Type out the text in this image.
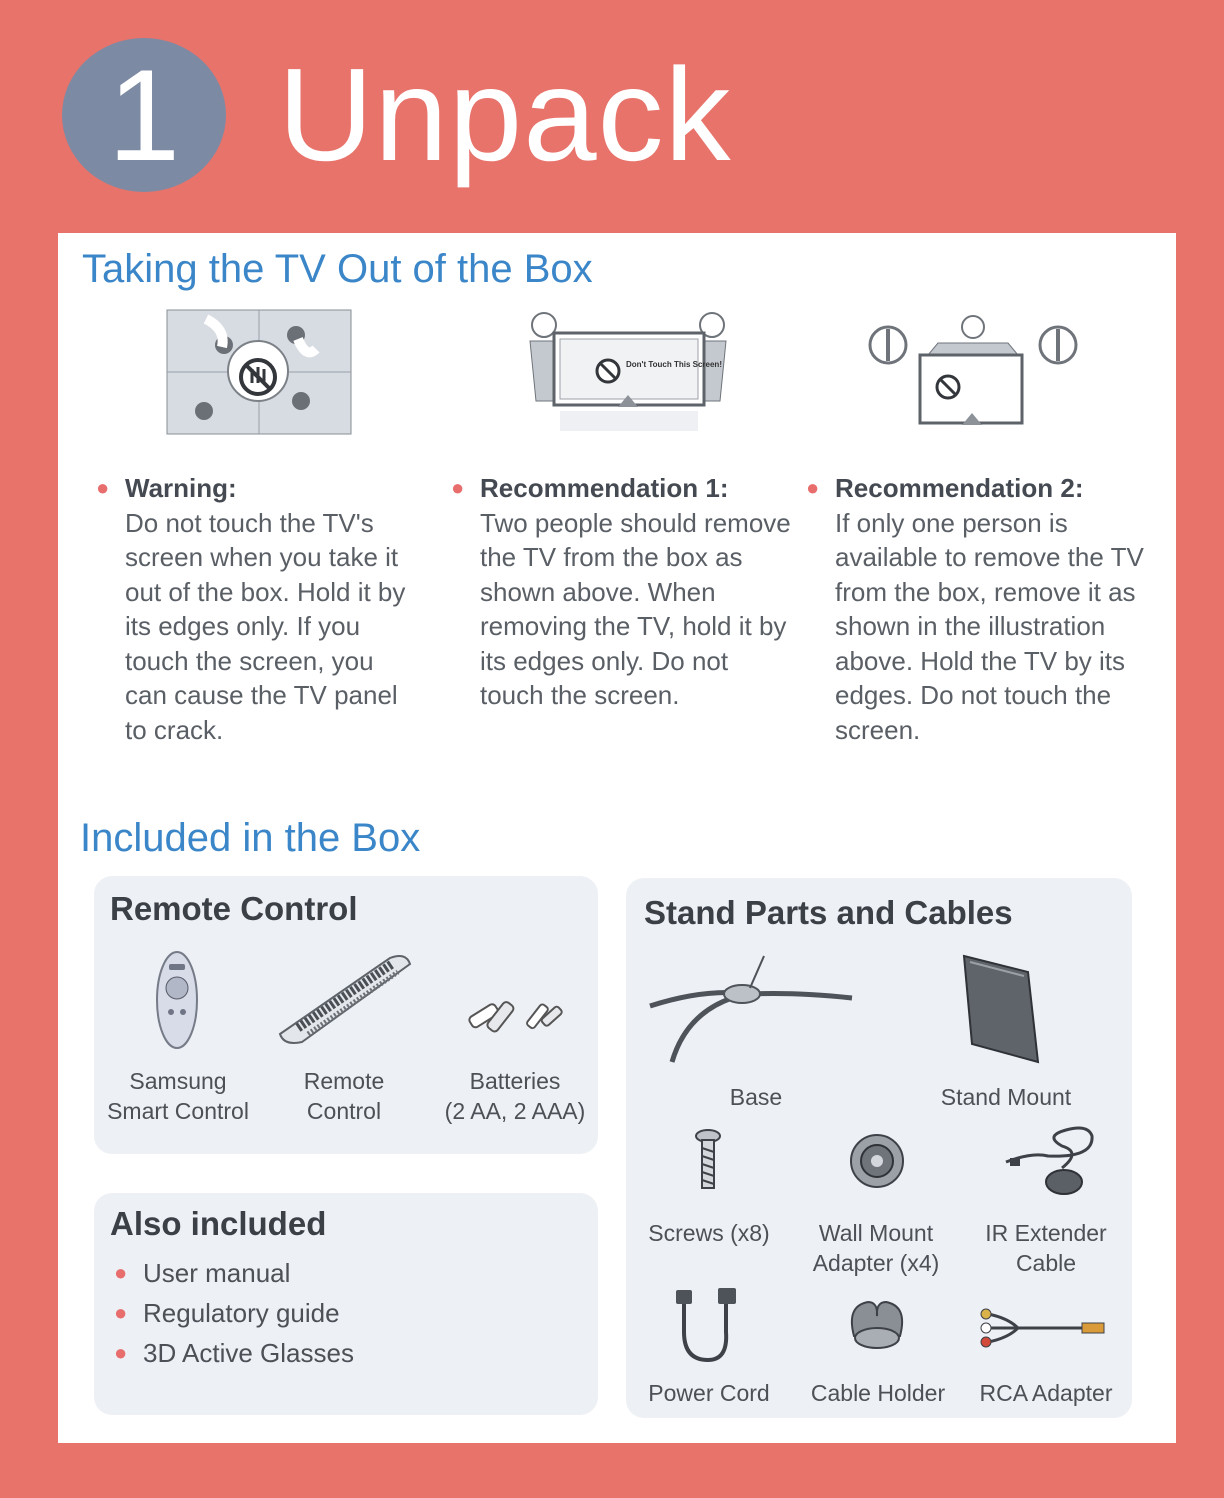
1 Unpack
Taking the TV Out of the Box
Don't Touch This Screen!
● Warning:
Do not touch the TV's screen when you take it out of the box. Hold it by its edges only. If you touch the screen, you can cause the TV panel to crack.
● Recommendation 1:
Two people should remove the TV from the box as shown above. When removing the TV, hold it by its edges only. Do not touch the screen.
● Recommendation 2:
If only one person is available to remove the TV from the box, remove it as shown in the illustration above. Hold the TV by its edges. Do not touch the screen.
Included in the Box
Remote Control
Samsung
Smart Control
Remote
Control
Batteries
(2 AA, 2 AAA)
Also included
● User manual
● Regulatory guide
● 3D Active Glasses
Stand Parts and Cables
Base	Stand Mount
Screws (x8)	Wall Mount
Adapter (x4)
IR Extender
Cable
Power Cord	Cable Holder	RCA Adapter
